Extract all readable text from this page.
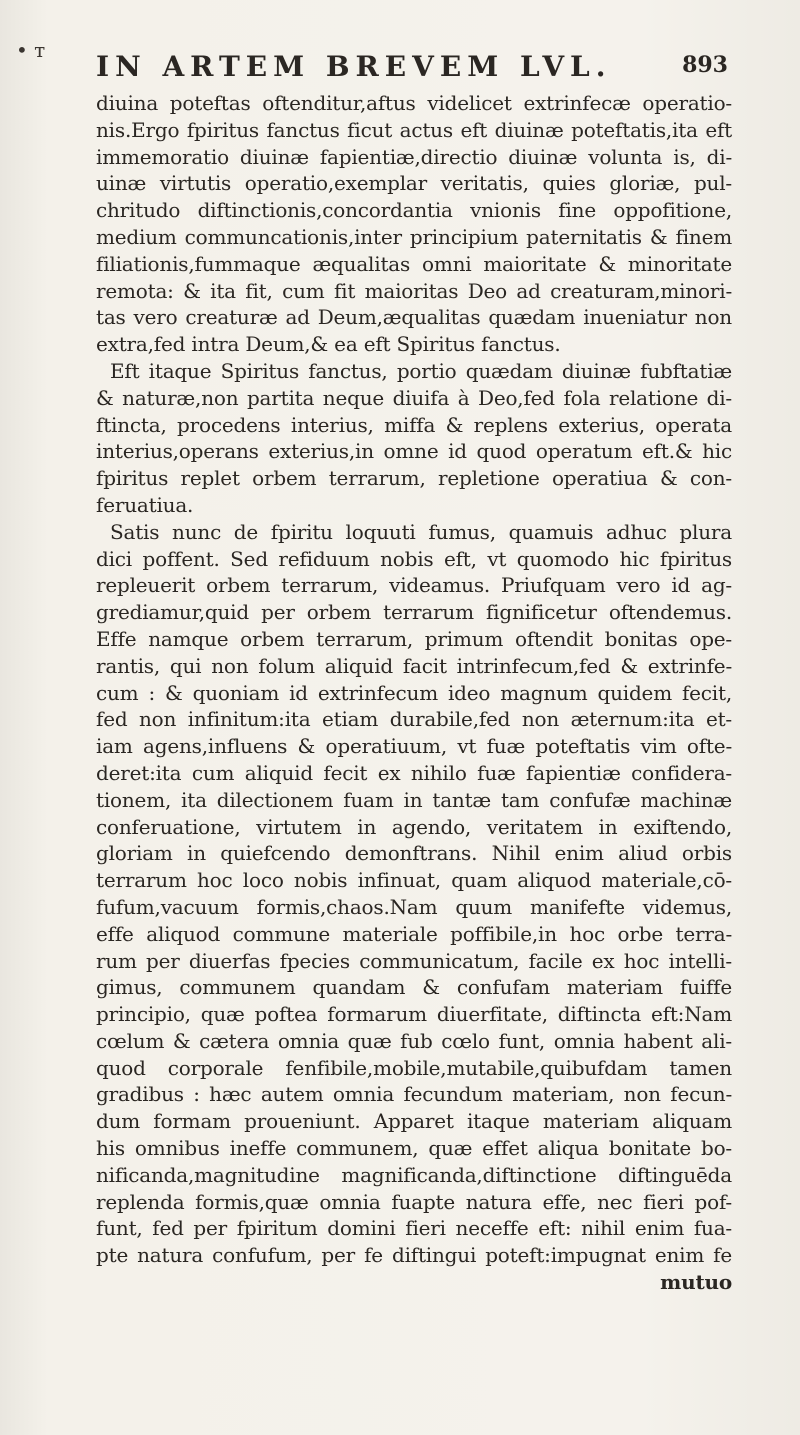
• т IN ARTEM BREVEM LVL.	893
diuina poteftas oftenditur,aftus videlicet extrinfecæ operatio-
nis.Ergo fpiritus fanctus ficut actus eft diuinæ poteftatis,ita eft
immemoratio diuinæ fapientiæ,directio diuinæ volunta is, di-
uinæ virtutis operatio,exemplar veritatis, quies gloriæ, pul-
chritudo diftinctionis,concordantia vnionis fine oppofitione,
medium communcationis,inter principium paternitatis & finem
filiationis,fummaque æqualitas omni maioritate & minoritate
remota: & ita fit, cum fit maioritas Deo ad creaturam,minori-
tas vero creaturæ ad Deum,æqualitas quædam inueniatur non
extra,fed intra Deum,& ea eft Spiritus fanctus.
Eft itaque Spiritus fanctus, portio quædam diuinæ fubftatiæ
& naturæ,non partita neque diuifa à Deo,fed fola relatione di-
ftincta, procedens interius, miffa & replens exterius, operata
interius,operans exterius,in omne id quod operatum eft.& hic
fpiritus replet orbem terrarum, repletione operatiua & con-
feruatiua.
Satis nunc de fpiritu loquuti fumus, quamuis adhuc plura
dici poffent. Sed refiduum nobis eft, vt quomodo hic fpiritus
repleuerit orbem terrarum, videamus. Priufquam vero id ag-
grediamur,quid per orbem terrarum fignificetur oftendemus.
Effe namque orbem terrarum, primum oftendit bonitas ope-
rantis, qui non folum aliquid facit intrinfecum,fed & extrinfe-
cum : & quoniam id extrinfecum ideo magnum quidem fecit,
fed non infinitum:ita etiam durabile,fed non æternum:ita et-
iam agens,influens & operatiuum, vt fuæ poteftatis vim ofte-
deret:ita cum aliquid fecit ex nihilo fuæ fapientiæ confidera-
tionem, ita dilectionem fuam in tantæ tam confufæ machinæ
conferuatione, virtutem in agendo, veritatem in exiftendo,
gloriam in quiefcendo demonftrans. Nihil enim aliud orbis
terrarum hoc loco nobis infinuat, quam aliquod materiale,cō-
fufum,vacuum formis,chaos.Nam quum manifefte videmus,
effe aliquod commune materiale poffibile,in hoc orbe terra-
rum per diuerfas fpecies communicatum, facile ex hoc intelli-
gimus, communem quandam & confufam materiam fuiffe
principio, quæ poftea formarum diuerfitate, diftincta eft:Nam
cœlum & cætera omnia quæ fub cœlo funt, omnia habent ali-
quod corporale fenfibile,mobile,mutabile,quibufdam tamen
gradibus : hæc autem omnia fecundum materiam, non fecun-
dum formam proueniunt. Apparet itaque materiam aliquam
his omnibus ineffe communem, quæ effet aliqua bonitate bo-
nificanda,magnitudine magnificanda,diftinctione diftinguēda
replenda formis,quæ omnia fuapte natura effe, nec fieri pof-
funt, fed per fpiritum domini fieri neceffe eft: nihil enim fua-
pte natura confufum, per fe diftingui poteft:impugnat enim fe
mutuo
